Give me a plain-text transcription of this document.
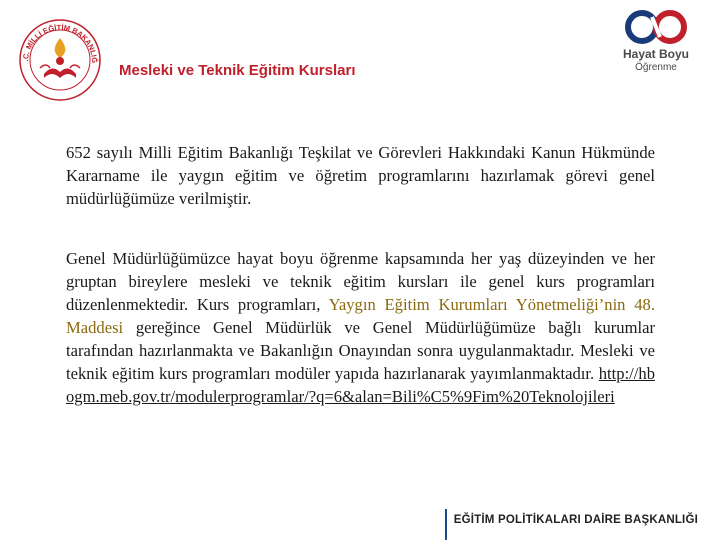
.C. MİLLİ EĞİTİM BAKANLIĞ
Mesleki ve Teknik Eğitim Kursları
Hayat Boyu
Öğrenme
652 sayılı Milli Eğitim Bakanlığı Teşkilat ve Görevleri Hakkındaki Kanun Hükmünde Kararname ile yaygın eğitim ve öğretim programlarını hazırlamak görevi genel müdürlüğümüze verilmiştir.
Genel Müdürlüğümüzce hayat boyu öğrenme kapsamında her yaş düzeyinden ve her gruptan bireylere mesleki ve teknik eğitim kursları ile genel kurs programları düzenlenmektedir. Kurs programları, Yaygın Eğitim Kurumları Yönetmeliği’nin 48. Maddesi gereğince Genel Müdürlük ve Genel Müdürlüğümüze bağlı kurumlar tarafından hazırlanmakta ve Bakanlığın Onayından sonra uygulanmaktadır. Mesleki ve teknik eğitim kurs programları modüler yapıda hazırlanarak yayımlanmaktadır. http://hbogm.meb.gov.tr/modulerprogramlar/?q=6&alan=Bili%C5%9Fim%20Teknolojileri
EĞİTİM POLİTİKALARI DAİRE BAŞKANLIĞI
